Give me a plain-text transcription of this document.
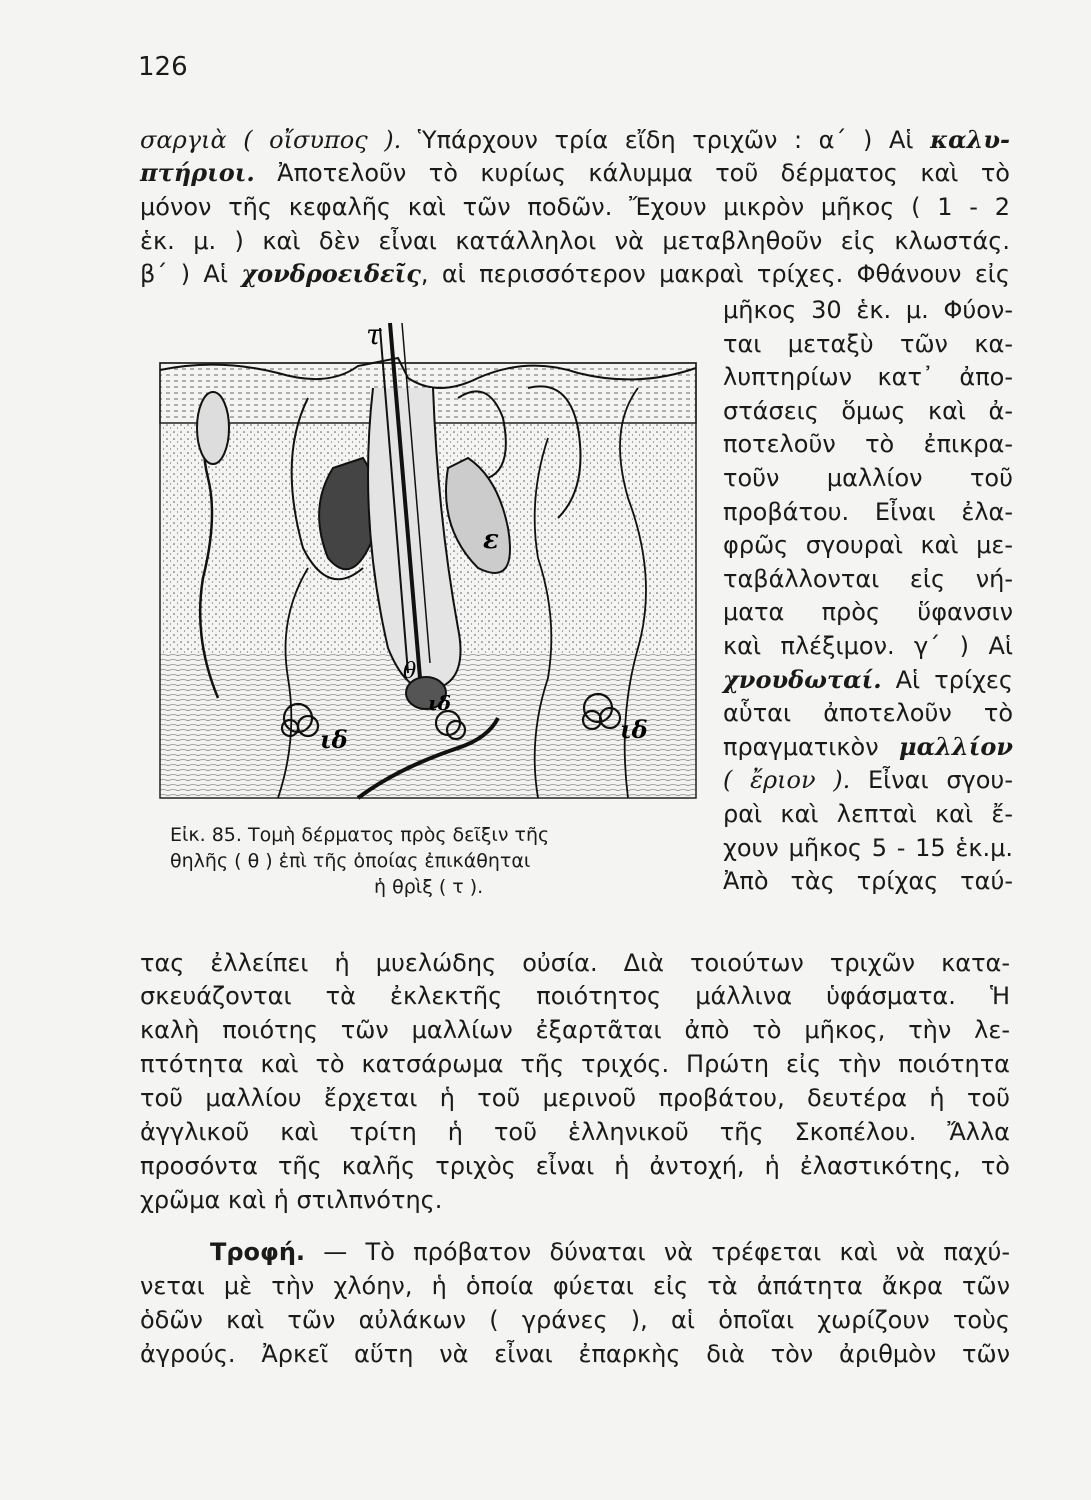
126
σαργιὰ ( οἴσυπος ). Ὑπάρχουν τρία εἴδη τριχῶν : α΄ ) Αἱ καλυ-
πτήριοι. Ἀποτελοῦν τὸ κυρίως κάλυμμα τοῦ δέρματος καὶ τὸ
μόνον τῆς κεφαλῆς καὶ τῶν ποδῶν. Ἔχουν μικρὸν μῆκος ( 1 - 2
ἑκ. μ. ) καὶ δὲν εἶναι κατάλληλοι νὰ μεταβληθοῦν εἰς κλωστάς.
β΄ ) Αἱ χονδροειδεῖς, αἱ περισσότερον μακραὶ τρίχες. Φθάνουν εἰς
μῆκος 30 ἑκ. μ. Φύον-
ται μεταξὺ τῶν κα-
λυπτηρίων κατ᾿ ἀπο-
στάσεις ὅμως καὶ ἀ-
ποτελοῦν τὸ ἐπικρα-
τοῦν μαλλίον τοῦ
προβάτου. Εἶναι ἐλα-
φρῶς σγουραὶ καὶ με-
ταβάλλονται εἰς νή-
ματα πρὸς ὕφανσιν
καὶ πλέξιμον. γ΄ ) Αἱ
χνουδωταί. Αἱ τρίχες
αὗται ἀποτελοῦν τὸ
πραγματικὸν μαλλίον
( ἔριον ). Εἶναι σγου-
ραὶ καὶ λεπταὶ καὶ ἔ-
χουν μῆκος 5 - 15 ἑκ.μ.
Ἀπὸ τὰς τρίχας ταύ-
τ
ε
θ
ιδ
ιδ
ιδ
Εἰκ. 85. Τομὴ δέρματος πρὸς δεῖξιν τῆς
θηλῆς ( θ ) ἐπὶ τῆς ὁποίας ἐπικάθηται
ἡ θρὶξ ( τ ).
τας ἐλλείπει ἡ μυελώδης οὐσία. Διὰ τοιούτων τριχῶν κατα-
σκευάζονται τὰ ἐκλεκτῆς ποιότητος μάλλινα ὑφάσματα. Ἡ
καλὴ ποιότης τῶν μαλλίων ἐξαρτᾶται ἀπὸ τὸ μῆκος, τὴν λε-
πτότητα καὶ τὸ κατσάρωμα τῆς τριχός. Πρώτη εἰς τὴν ποιότητα
τοῦ μαλλίου ἔρχεται ἡ τοῦ μερινοῦ προβάτου, δευτέρα ἡ τοῦ
ἀγγλικοῦ καὶ τρίτη ἡ τοῦ ἑλληνικοῦ τῆς Σκοπέλου. Ἄλλα
προσόντα τῆς καλῆς τριχὸς εἶναι ἡ ἀντοχή, ἡ ἐλαστικότης, τὸ
χρῶμα καὶ ἡ στιλπνότης.
Τροφή. — Τὸ πρόβατον δύναται νὰ τρέφεται καὶ νὰ παχύ-
νεται μὲ τὴν χλόην, ἡ ὁποία φύεται εἰς τὰ ἀπάτητα ἄκρα τῶν
ὁδῶν καὶ τῶν αὐλάκων ( γράνες ), αἱ ὁποῖαι χωρίζουν τοὺς
ἀγρούς. Ἀρκεῖ αὕτη νὰ εἶναι ἐπαρκὴς διὰ τὸν ἀριθμὸν τῶν
